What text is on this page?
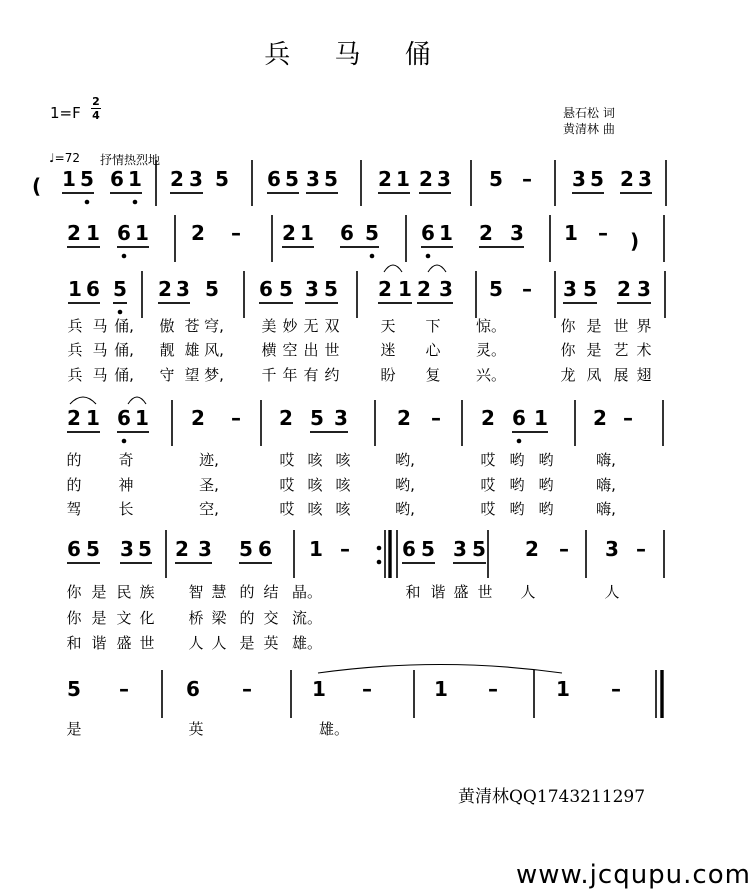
兵 马 俑
1=F
2
4	悬石松 词
黄清林 曲
♩=72 抒情热烈地
1 5 6 1 2 3 5 6 5 3 5 2 1 2 3 5 – 3 5 2 3
2 1 6 1 2 – 2 1 6 5 6 1 2 3 1 –
1 6 5 2 3 5 6 5 3 5 2 1 2 3 5 – 3 5 2 3
2 1 6 1 2 – 2 5 3 2 – 2 6 1 2 –
6 5 3 5 2 3 5 6 1 –	6 5 3 5 2 – 3 –
5 –	6 –	1 –	1 –	1 –
(
)
兵 马 俑, 傲 苍 穹,	美 妙 无 双	天 下 惊。	你 是 世 界
兵 马 俑, 靓 雄 风,	横 空 出 世	迷 心 灵。	你 是 艺 术
兵 马 俑, 守 望 梦,	千 年 有 约	盼 复 兴。	龙 凤 展 翅
的 奇	迹,	哎 咳 咳	哟,	哎 哟 哟	嗨,
的 神	圣,	哎 咳 咳	哟,	哎 哟 哟	嗨,
驾 长	空,	哎 咳 咳	哟,	哎 哟 哟	嗨,
你 是 民 族 智 慧 的 结 晶。	和 谐 盛 世 人	人
你 是 文 化 桥 梁 的 交 流。
和 谐 盛 世 人 人 是 英 雄。
是	英	雄。
黄清林QQ1743211297
www.jcqupu.com
